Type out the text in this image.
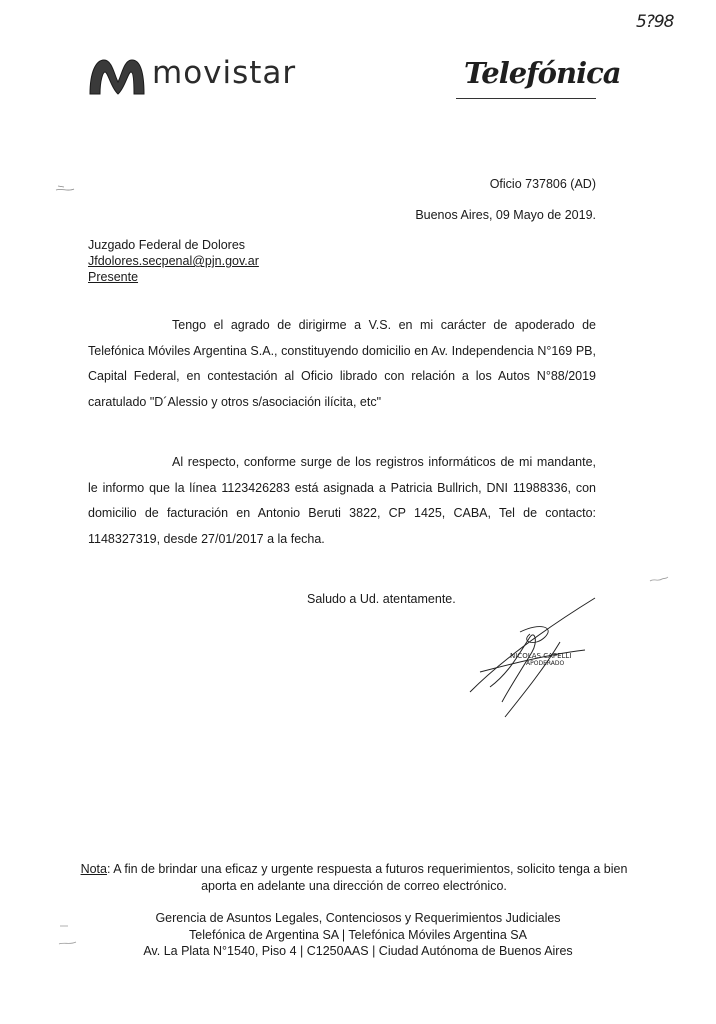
5?98
movistar	Telefónica
Oficio 737806 (AD)
Buenos Aires, 09 Mayo de 2019.
Juzgado Federal de Dolores
Jfdolores.secpenal@pjn.gov.ar
Presente

Tengo el agrado de dirigirme a V.S. en mi carácter de apoderado de Telefónica Móviles Argentina S.A., constituyendo domicilio en Av. Independencia N°169 PB, Capital Federal, en contestación al Oficio librado con relación a los Autos N°88/2019 caratulado "D´Alessio y otros s/asociación ilícita, etc"

Al respecto, conforme surge de los registros informáticos de mi mandante, le informo que la línea 1123426283 está asignada a Patricia Bullrich, DNI 11988336, con domicilio de facturación en Antonio Beruti 3822, CP 1425, CABA, Tel de contacto: 1148327319, desde 27/01/2017 a la fecha.

Saludo a Ud. atentamente.
NICOLAS CAPELLI
APODERADO
Nota: A fin de brindar una eficaz y urgente respuesta a futuros requerimientos, solicito tenga a bien aporta en adelante una dirección de correo electrónico.
Gerencia de Asuntos Legales, Contenciosos y Requerimientos Judiciales
Telefónica de Argentina SA | Telefónica Móviles Argentina SA
Av. La Plata N°1540, Piso 4 | C1250AAS | Ciudad Autónoma de Buenos Aires
